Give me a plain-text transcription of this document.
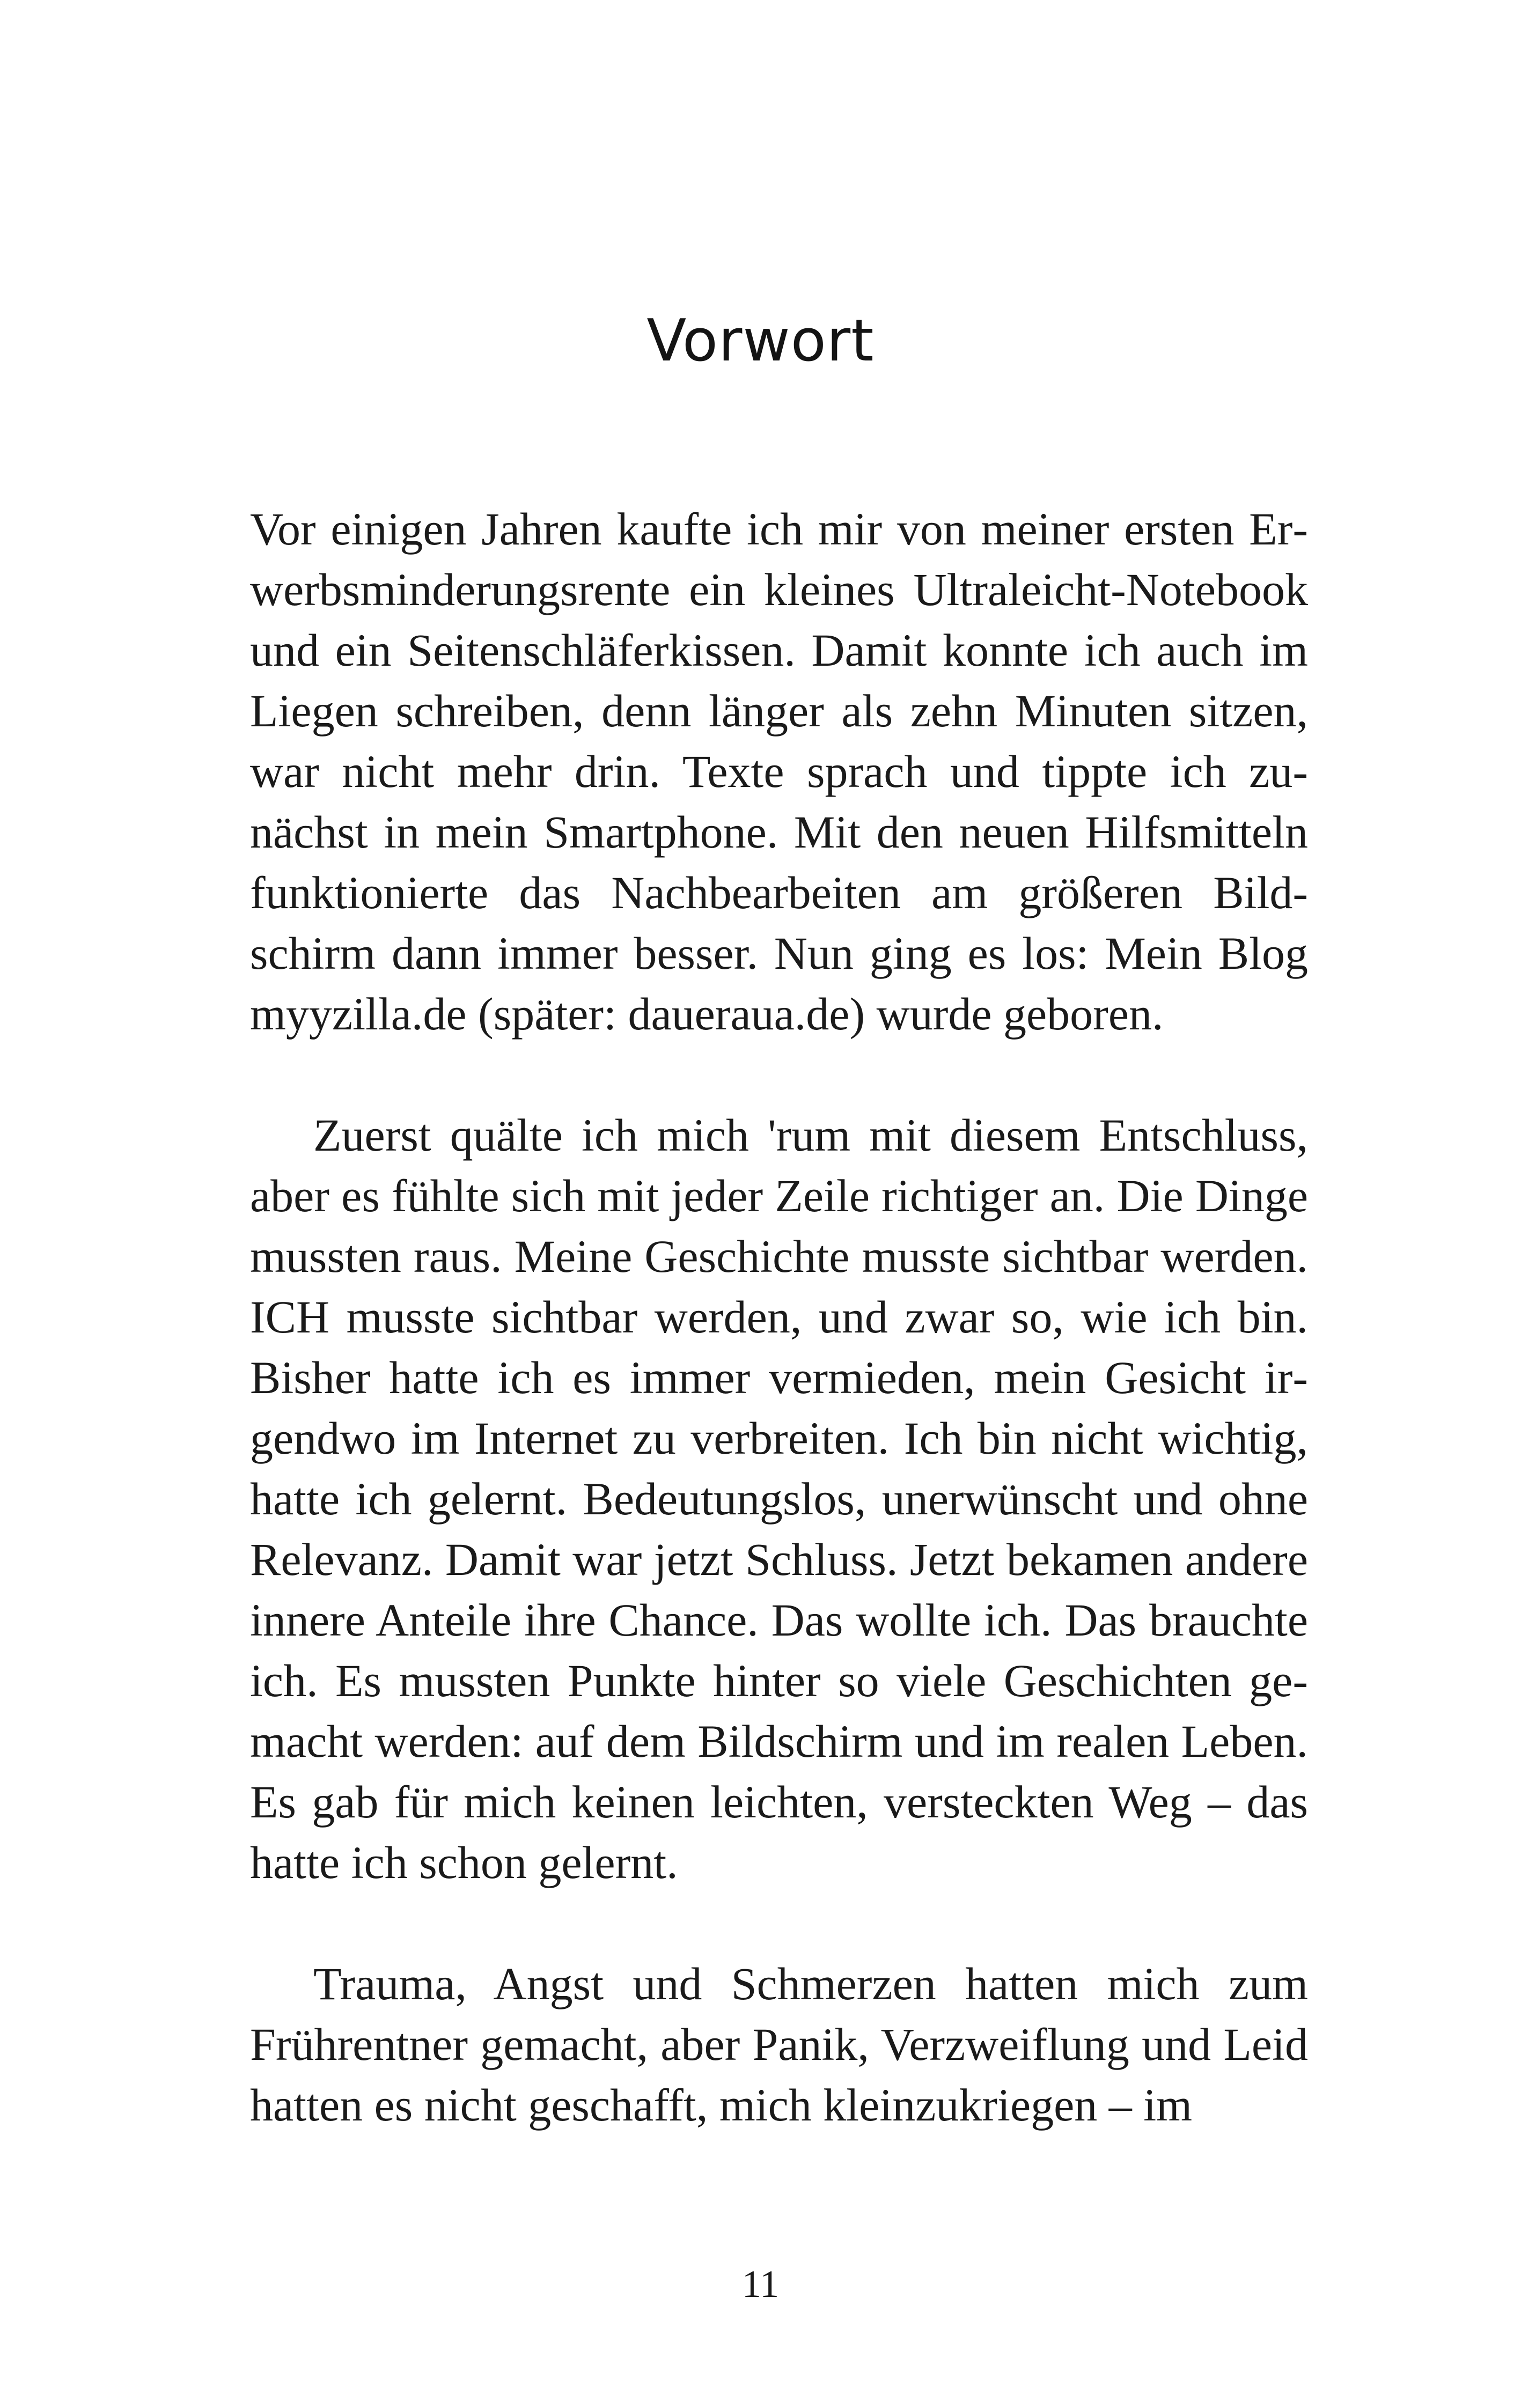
Vorwort

Vor einigen Jahren kaufte ich mir von meiner ersten Erwerbsminderungsrente ein kleines Ultraleicht-Notebook und ein Seitenschläferkissen. Damit konnte ich auch im Liegen schreiben, denn länger als zehn Minuten sitzen, war nicht mehr drin. Texte sprach und tippte ich zunächst in mein Smartphone. Mit den neuen Hilfsmitteln funktionierte das Nachbearbeiten am größeren Bildschirm dann immer besser. Nun ging es los: Mein Blog myyzilla.de (später: daueraua.de) wurde geboren.

Zuerst quälte ich mich 'rum mit diesem Entschluss, aber es fühlte sich mit jeder Zeile richtiger an. Die Dinge mussten raus. Meine Geschichte musste sichtbar werden. ICH musste sichtbar werden, und zwar so, wie ich bin. Bisher hatte ich es immer vermieden, mein Gesicht irgendwo im Internet zu verbreiten. Ich bin nicht wichtig, hatte ich gelernt. Bedeutungslos, unerwünscht und ohne Relevanz. Damit war jetzt Schluss. Jetzt bekamen andere innere Anteile ihre Chance. Das wollte ich. Das brauchte ich. Es mussten Punkte hinter so viele Geschichten gemacht werden: auf dem Bildschirm und im realen Leben. Es gab für mich keinen leichten, versteckten Weg – das hatte ich schon gelernt.

Trauma, Angst und Schmerzen hatten mich zum Frührentner gemacht, aber Panik, Verzweiflung und Leid hatten es nicht geschafft, mich kleinzukriegen – im

11
